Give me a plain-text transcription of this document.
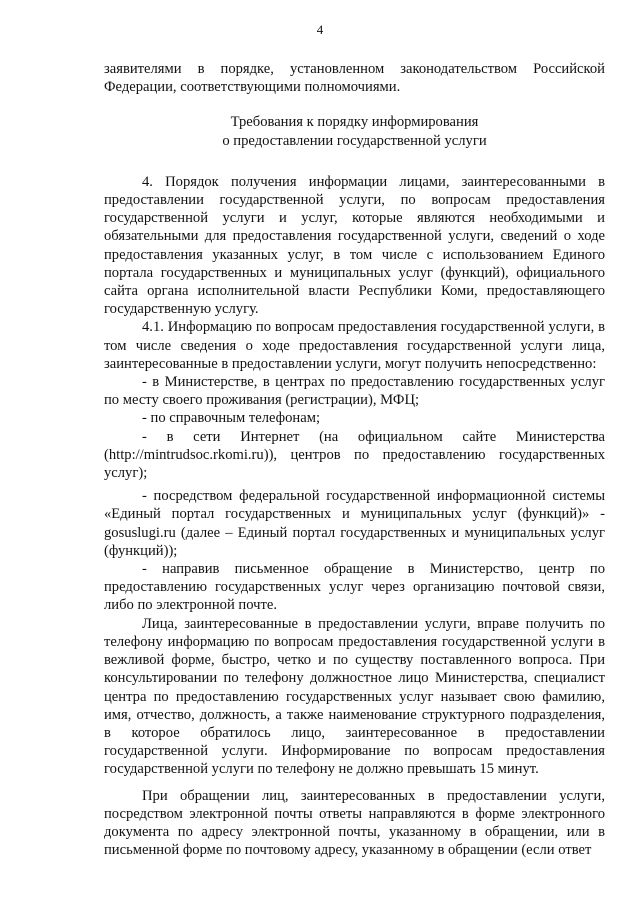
4

заявителями в порядке, установленном законодательством Российской Федерации, соответствующими полномочиями.

Требования к порядку информирования
о предоставлении государственной услуги

4. Порядок получения информации лицами, заинтересованными в предоставлении государственной услуги, по вопросам предоставления государственной услуги и услуг, которые являются необходимыми и обязательными для предоставления государственной услуги, сведений о ходе предоставления указанных услуг, в том числе с использованием Единого портала государственных и муниципальных услуг (функций), официального сайта органа исполнительной власти Республики Коми, предоставляющего государственную услугу.

4.1. Информацию по вопросам предоставления государственной услуги, в том числе сведения о ходе предоставления государственной услуги лица, заинтересованные в предоставлении услуги, могут получить непосредственно:

- в Министерстве, в центрах по предоставлению государственных услуг по месту своего проживания (регистрации), МФЦ;

- по справочным телефонам;

- в сети Интернет (на официальном сайте Министерства (http://mintrudsoc.rkomi.ru)), центров по предоставлению государственных услуг);

- посредством федеральной государственной информационной системы «Единый портал государственных и муниципальных услуг (функций)» - gosuslugi.ru (далее – Единый портал государственных и муниципальных услуг (функций));

- направив письменное обращение в Министерство, центр по предоставлению государственных услуг через организацию почтовой связи, либо по электронной почте.

Лица, заинтересованные в предоставлении услуги, вправе получить по телефону информацию по вопросам предоставления государственной услуги в вежливой форме, быстро, четко и по существу поставленного вопроса. При консультировании по телефону должностное лицо Министерства, специалист центра по предоставлению государственных услуг называет свою фамилию, имя, отчество, должность, а также наименование структурного подразделения, в которое обратилось лицо, заинтересованное в предоставлении государственной услуги. Информирование по вопросам предоставления государственной услуги по телефону не должно превышать 15 минут.

При обращении лиц, заинтересованных в предоставлении услуги, посредством электронной почты ответы направляются в форме электронного документа по адресу электронной почты, указанному в обращении, или в письменной форме по почтовому адресу, указанному в обращении (если ответ
